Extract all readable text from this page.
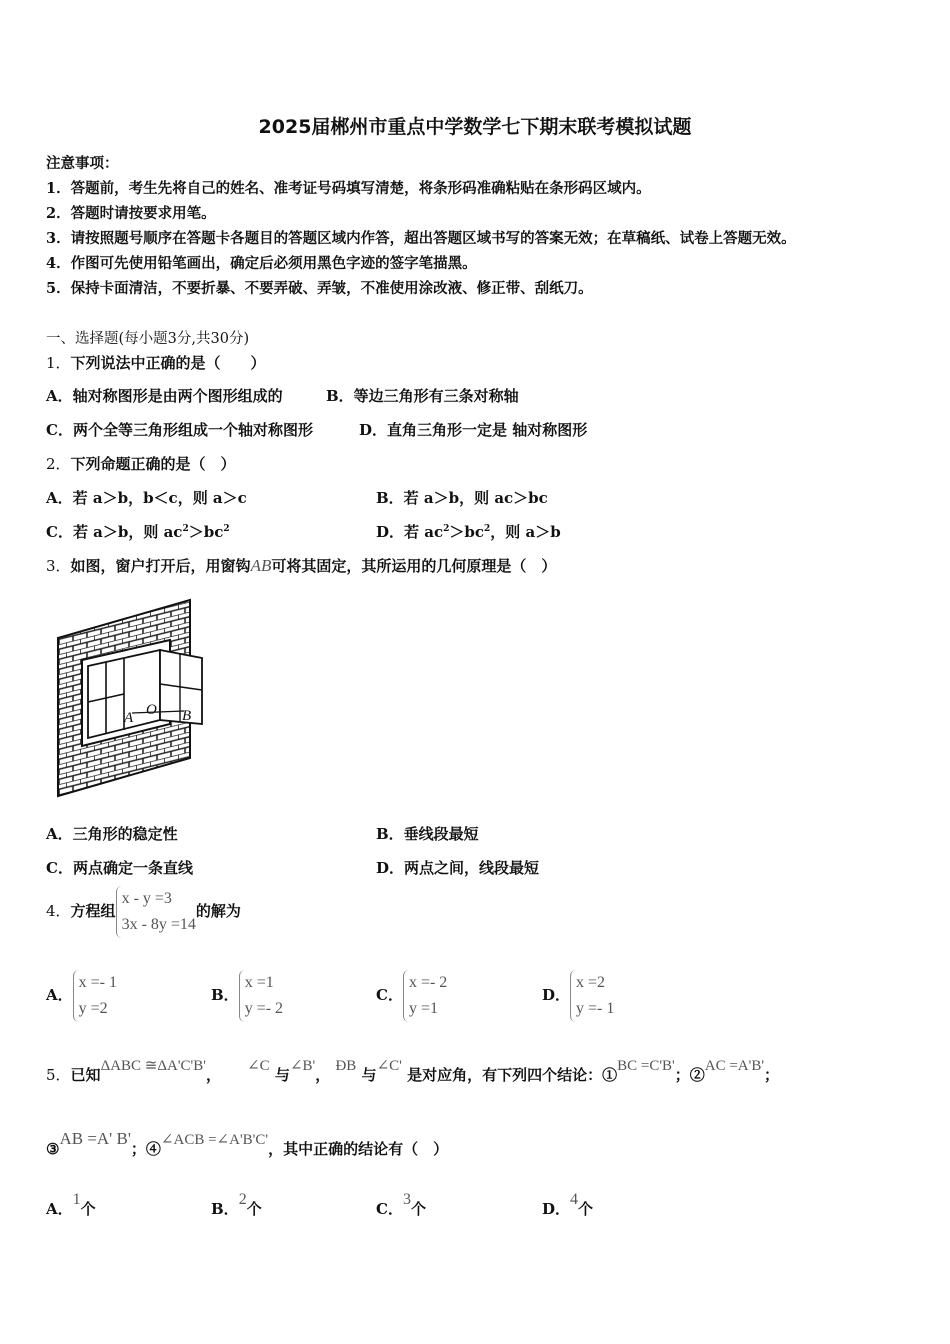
2025届郴州市重点中学数学七下期末联考模拟试题
注意事项：
1．答题前，考生先将自己的姓名、准考证号码填写清楚，将条形码准确粘贴在条形码区域内。
2．答题时请按要求用笔。
3．请按照题号顺序在答题卡各题目的答题区域内作答，超出答题区域书写的答案无效；在草稿纸、试卷上答题无效。
4．作图可先使用铅笔画出，确定后必须用黑色字迹的签字笔描黑。
5．保持卡面清洁，不要折暴、不要弄破、弄皱，不准使用涂改液、修正带、刮纸刀。
一、选择题(每小题3分,共30分)
1．下列说法中正确的是（　　）
A．轴对称图形是由两个图形组成的	B．等边三角形有三条对称轴
C．两个全等三角形组成一个轴对称图形	D．直角三角形一定是 轴对称图形
2．下列命题正确的是（　）
A．若 a＞b，b＜c，则 a＞c	B．若 a＞b，则 ac＞bc
C．若 a＞b，则 $ac^2>bc^2$	D．若 $ac^2>bc^2$，则 a＞b
3．如图，窗户打开后，用窗钩AB可将其固定，其所运用的几何原理是（　）
A O B
A．三角形的稳定性	B．垂线段最短
C．两点确定一条直线	D．两点之间，线段最短
4．方程组
x - y =3
3x - 8y =14
的解为
A．
x =- 1
y =2
B．
x =1
y =- 2
C．
x =- 2
y =1
D．
x =2
y =- 1
5．已知ΔABC ≅ΔA'C'B'， ∠C 与∠B'， ÐB 与∠C' 是对应角，有下列四个结论：①BC =C'B'；②AC =A'B'；
③AB =A' B'；④∠ACB =∠A'B'C'，其中正确的结论有（　）
A．1个	B．2个	C．3个	D．4个
